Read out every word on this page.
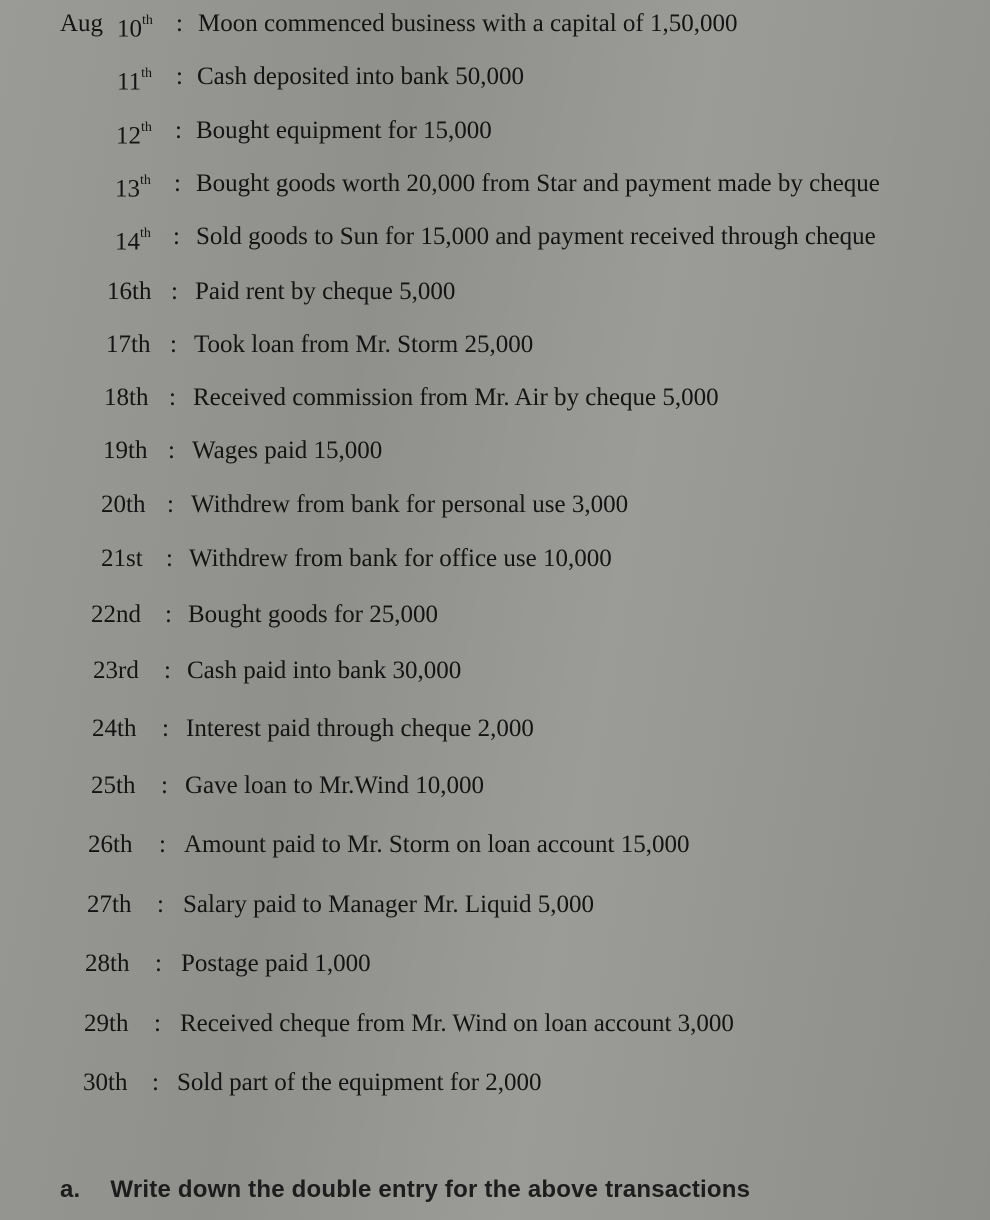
Aug 10th : Moon commenced business with a capital of 1,50,000
11th : Cash deposited into bank 50,000
12th : Bought equipment for 15,000
13th : Bought goods worth 20,000 from Star and payment made by cheque
14th : Sold goods to Sun for 15,000 and payment received through cheque
16th : Paid rent by cheque 5,000
17th : Took loan from Mr. Storm 25,000
18th : Received commission from Mr. Air by cheque 5,000
19th : Wages paid 15,000
20th : Withdrew from bank for personal use 3,000
21st : Withdrew from bank for office use 10,000
22nd : Bought goods for 25,000
23rd : Cash paid into bank 30,000
24th : Interest paid through cheque 2,000
25th : Gave loan to Mr.Wind 10,000
26th : Amount paid to Mr. Storm on loan account 15,000
27th : Salary paid to Manager Mr. Liquid 5,000
28th : Postage paid 1,000
29th : Received cheque from Mr. Wind on loan account 3,000
30th : Sold part of the equipment for 2,000
a. Write down the double entry for the above transactions
